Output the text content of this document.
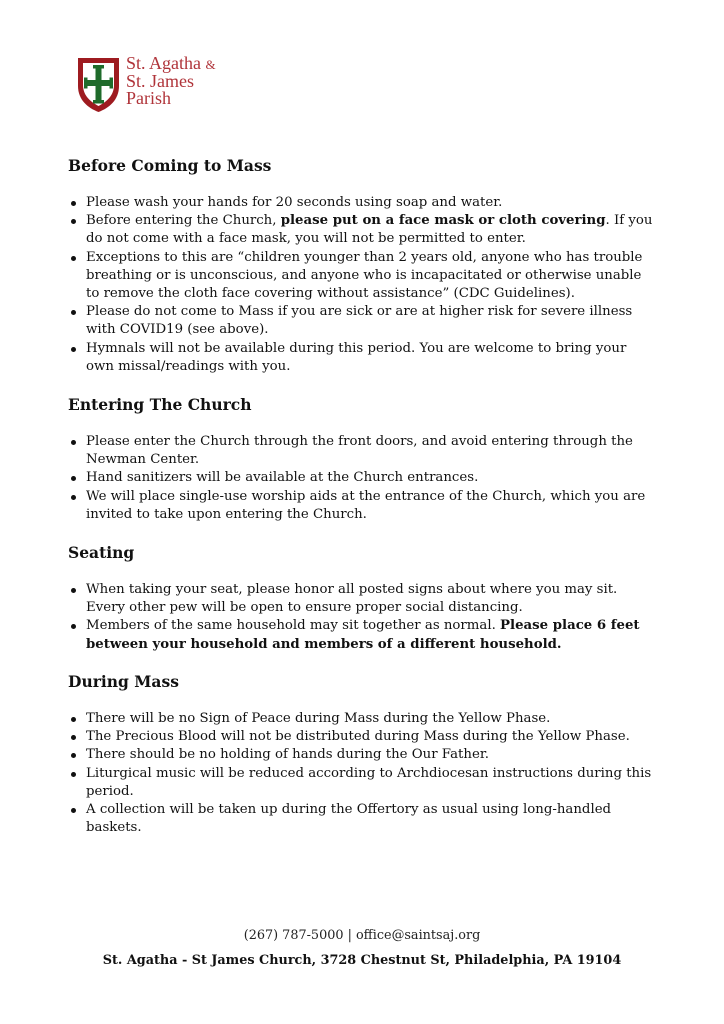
St. Agatha &
St. James
Parish
Before Coming to Mass
Please wash your hands for 20 seconds using soap and water.
Before entering the Church, please put on a face mask or cloth covering. If you do not come with a face mask, you will not be permitted to enter.
Exceptions to this are “children younger than 2 years old, anyone who has trouble breathing or is unconscious, and anyone who is incapacitated or otherwise unable to remove the cloth face covering without assistance” (CDC Guidelines).
Please do not come to Mass if you are sick or are at higher risk for severe illness with COVID19 (see above).
Hymnals will not be available during this period. You are welcome to bring your own missal/readings with you.
Entering The Church
Please enter the Church through the front doors, and avoid entering through the Newman Center.
Hand sanitizers will be available at the Church entrances.
We will place single-use worship aids at the entrance of the Church, which you are invited to take upon entering the Church.
Seating
When taking your seat, please honor all posted signs about where you may sit. Every other pew will be open to ensure proper social distancing.
Members of the same household may sit together as normal. Please place 6 feet between your household and members of a different household.
During Mass
There will be no Sign of Peace during Mass during the Yellow Phase.
The Precious Blood will not be distributed during Mass during the Yellow Phase.
There should be no holding of hands during the Our Father.
Liturgical music will be reduced according to Archdiocesan instructions during this period.
A collection will be taken up during the Offertory as usual using long-handled baskets.

(267) 787-5000 | office@saintsaj.org

St. Agatha - St James Church, 3728 Chestnut St, Philadelphia, PA 19104
